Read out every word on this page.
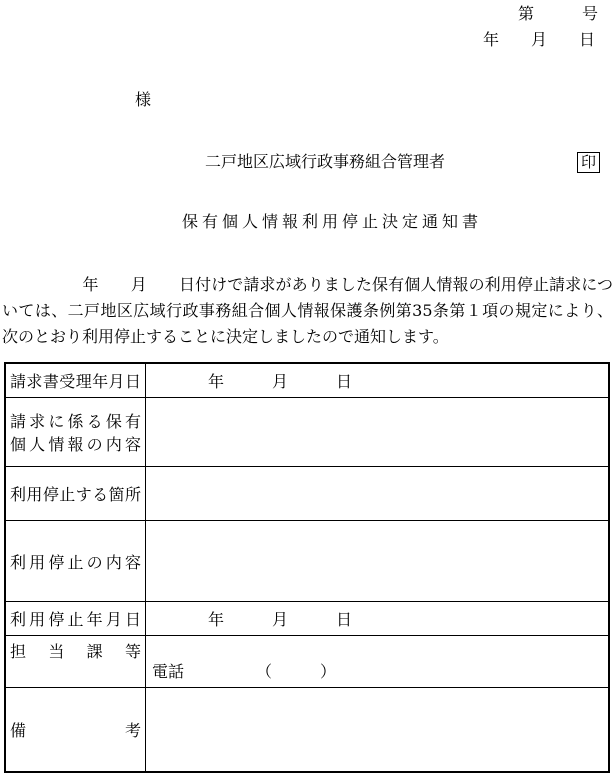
第　　　号

年　　月　　日

様

二戸地区広域行政事務組合管理者	印

保有個人情報利用停止決定通知書

　　　　　年　　月　　日付けで請求がありました保有個人情報の利用停止請求については、二戸地区広域行政事務組合個人情報保護条例第35条第１項の規定により、次のとおり利用停止することに決定しましたので通知します。

請求書受理年月日	年　　　月　　　日

請求に係る保有
個人情報の内容	

利用停止する箇所	

利用停止の内容	

利用停止年月日	年　　　月　　　日

担当課等	電話　　　　　（　　　）

備考	
